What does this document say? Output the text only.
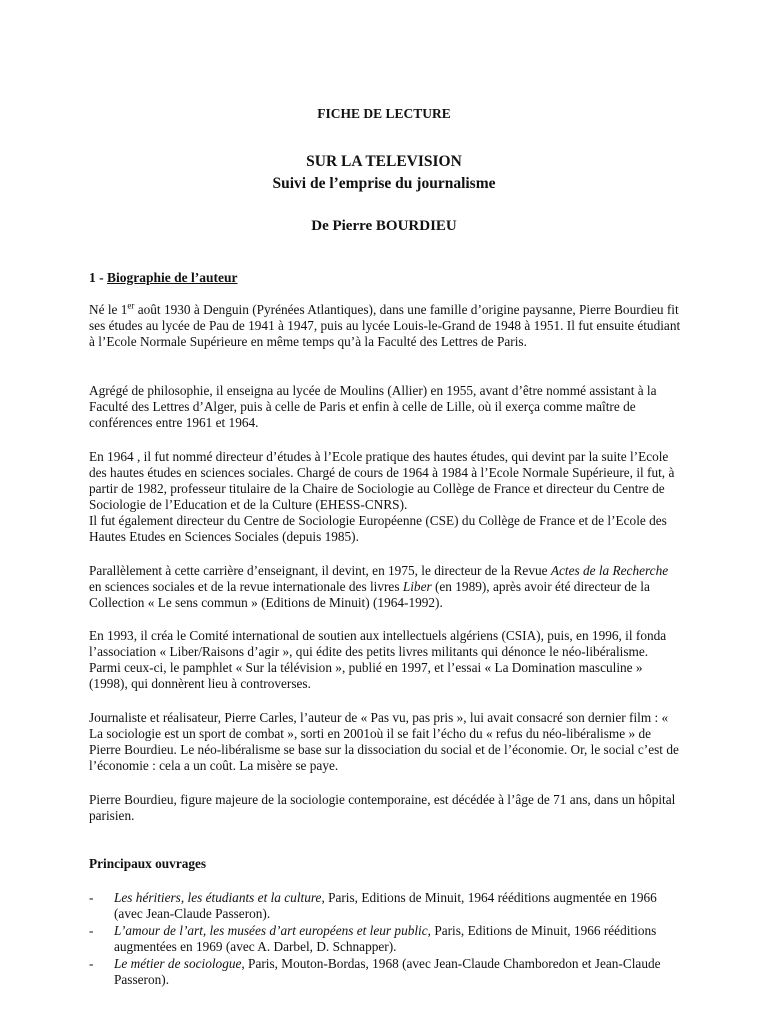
FICHE DE LECTURE
SUR LA TELEVISION
Suivi de l’emprise du journalisme
De Pierre BOURDIEU
1 - Biographie de l’auteur

Né le 1er août 1930 à Denguin (Pyrénées Atlantiques), dans une famille d’origine paysanne, Pierre Bourdieu fit ses études au lycée de Pau de 1941 à 1947, puis au lycée Louis-le-Grand de 1948 à 1951. Il fut ensuite étudiant à l’Ecole Normale Supérieure en même temps qu’à la Faculté des Lettres de Paris.

Agrégé de philosophie, il enseigna au lycée de Moulins (Allier) en 1955, avant d’être nommé assistant à la Faculté des Lettres d’Alger, puis à celle de Paris et enfin à celle de Lille, où il exerça comme maître de conférences entre 1961 et 1964.

En 1964 , il fut nommé directeur d’études à l’Ecole pratique des hautes études, qui devint par la suite l’Ecole des hautes études en sciences sociales. Chargé de cours de 1964 à 1984 à l’Ecole Normale Supérieure, il fut, à partir de 1982, professeur titulaire de la Chaire de Sociologie au Collège de France et directeur du Centre de Sociologie de l’Education et de la Culture (EHESS-CNRS).
Il fut également directeur du Centre de Sociologie Européenne (CSE) du Collège de France et de l’Ecole des Hautes Etudes en Sciences Sociales (depuis 1985).

Parallèlement à cette carrière d’enseignant, il devint, en 1975, le directeur de la Revue Actes de la Recherche en sciences sociales et de la revue internationale des livres Liber (en 1989), après avoir été directeur de la Collection « Le sens commun » (Editions de Minuit) (1964-1992).

En 1993, il créa le Comité international de soutien aux intellectuels algériens (CSIA), puis, en 1996, il fonda l’association « Liber/Raisons d’agir », qui édite des petits livres militants qui dénonce le néo-libéralisme. Parmi ceux-ci, le pamphlet « Sur la télévision », publié en 1997, et l’essai « La Domination masculine » (1998), qui donnèrent lieu à controverses.

Journaliste et réalisateur, Pierre Carles, l’auteur de « Pas vu, pas pris », lui avait consacré son dernier film : « La sociologie est un sport de combat », sorti en 2001où il se fait l’écho du « refus du néo-libéralisme » de Pierre Bourdieu. Le néo-libéralisme se base sur la dissociation du social et de l’économie. Or, le social c’est de l’économie : cela a un coût. La misère se paye.

Pierre Bourdieu, figure majeure de la sociologie contemporaine, est décédée à l’âge de 71 ans, dans un hôpital parisien.

Principaux ouvrages

- Les héritiers, les étudiants et la culture, Paris, Editions de Minuit, 1964 rééditions augmentée en 1966 (avec Jean-Claude Passeron).
- L’amour de l’art, les musées d’art européens et leur public, Paris, Editions de Minuit, 1966 rééditions augmentées en 1969 (avec A. Darbel, D. Schnapper).
- Le métier de sociologue, Paris, Mouton-Bordas, 1968 (avec Jean-Claude Chamboredon et Jean-Claude Passeron).
